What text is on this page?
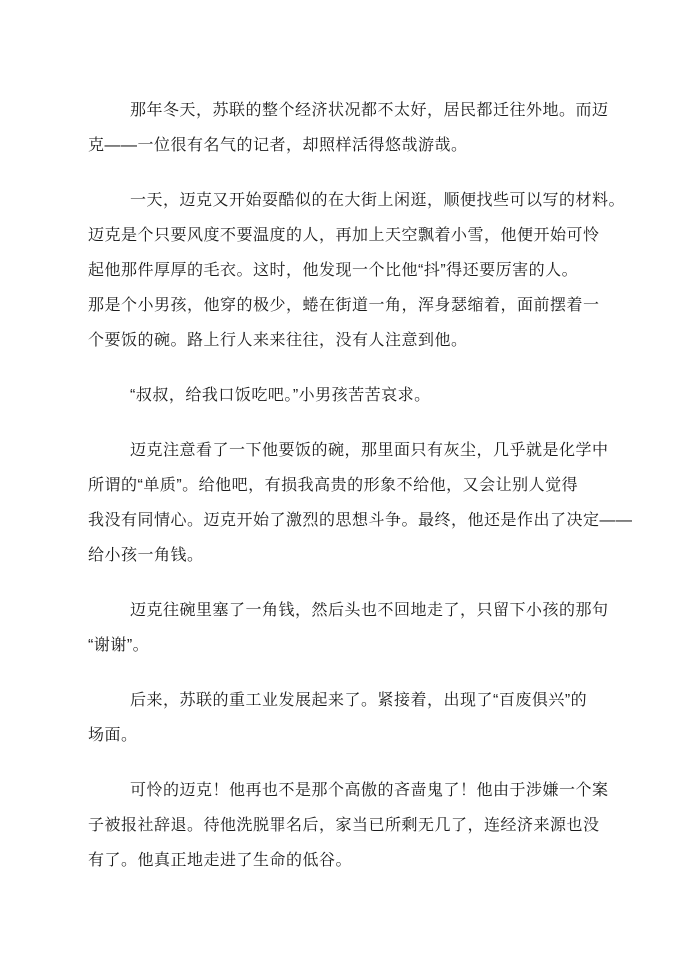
那年冬天，苏联的整个经济状况都不太好，居民都迁往外地。而迈
克——一位很有名气的记者，却照样活得悠哉游哉。
一天，迈克又开始耍酷似的在大街上闲逛，顺便找些可以写的材料。
迈克是个只要风度不要温度的人，再加上天空飘着小雪，他便开始可怜
起他那件厚厚的毛衣。这时，他发现一个比他“抖”得还要厉害的人。
那是个小男孩，他穿的极少，蜷在街道一角，浑身瑟缩着，面前摆着一
个要饭的碗。路上行人来来往往，没有人注意到他。
“叔叔，给我口饭吃吧。”小男孩苦苦哀求。
迈克注意看了一下他要饭的碗，那里面只有灰尘，几乎就是化学中
所谓的“单质”。给他吧，有损我高贵的形象不给他，又会让别人觉得
我没有同情心。迈克开始了激烈的思想斗争。最终，他还是作出了决定——
给小孩一角钱。
迈克往碗里塞了一角钱，然后头也不回地走了，只留下小孩的那句
“谢谢”。
后来，苏联的重工业发展起来了。紧接着，出现了“百废俱兴”的
场面。
可怜的迈克！他再也不是那个高傲的吝啬鬼了！他由于涉嫌一个案
子被报社辞退。待他洗脱罪名后，家当已所剩无几了，连经济来源也没
有了。他真正地走进了生命的低谷。
